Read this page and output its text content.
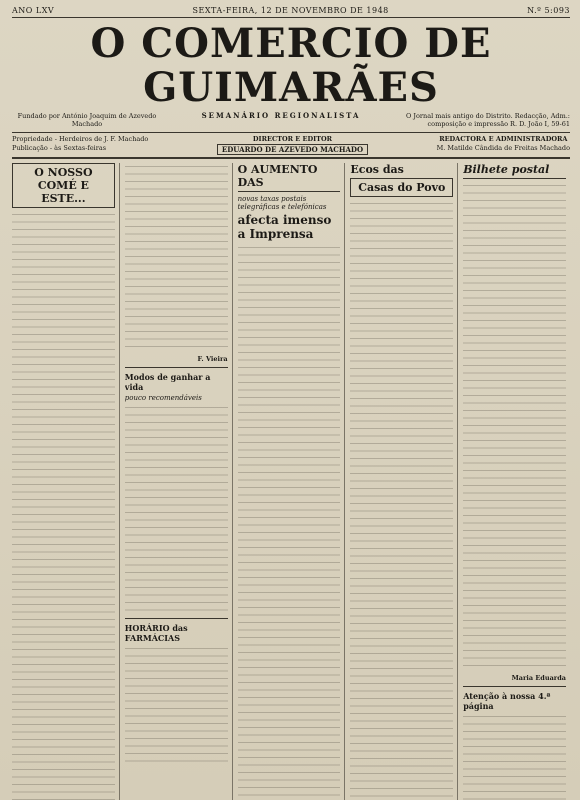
ANO LXV	SEXTA-FEIRA, 12 DE NOVEMBRO DE 1948	N.º 5:093
O COMERCIO DE GUIMARÃES
Fundado por António Joaquim de Azevedo Machado
SEMANÁRIO REGIONALISTA	O Jornal mais antigo do Distrito. Redacção, Adm.: composição e impressão R. D. João I, 59-61
Propriedade - Herdeiros de J. F. Machado
Publicação - às Sextas-feiras
DIRECTOR E EDITOR
EDUARDO DE AZEVEDO MACHADO
REDACTORA E ADMINISTRADORA
M. Matilde Cândida de Freitas Machado
O NOSSO COMÉ E ESTE...
F. Vieira
Modos de ganhar a vida
pouco recomendáveis
HORÁRIO das FARMÁCIAS
O AUMENTO DAS
novas taxas postais telegráficas e telefónicas
afecta imenso a Imprensa
Ecos das
Casas do Povo
Bilhete postal
Maria Eduarda
Atenção à nossa 4.ª página
